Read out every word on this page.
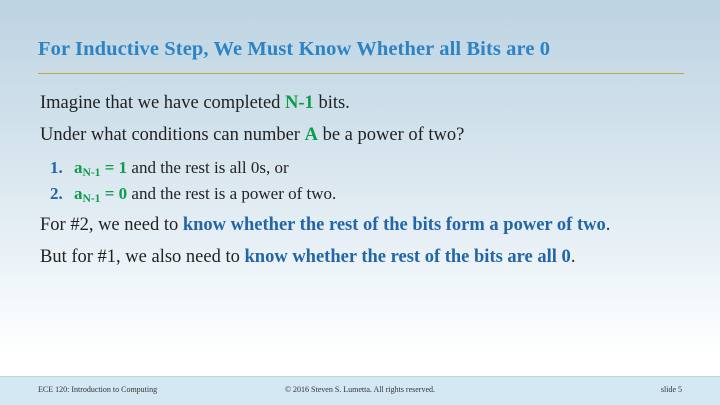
For Inductive Step, We Must Know Whether all Bits are 0
Imagine that we have completed N-1 bits.
Under what conditions can number A be a power of two?
1. $a_{N-1} = 1$ and the rest is all 0s, or
2. $a_{N-1} = 0$ and the rest is a power of two.
For #2, we need to know whether the rest of the bits form a power of two.
But for #1, we also need to know whether the rest of the bits are all 0.
ECE 120: Introduction to Computing	© 2016 Steven S. Lumetta. All rights reserved.	slide 5
